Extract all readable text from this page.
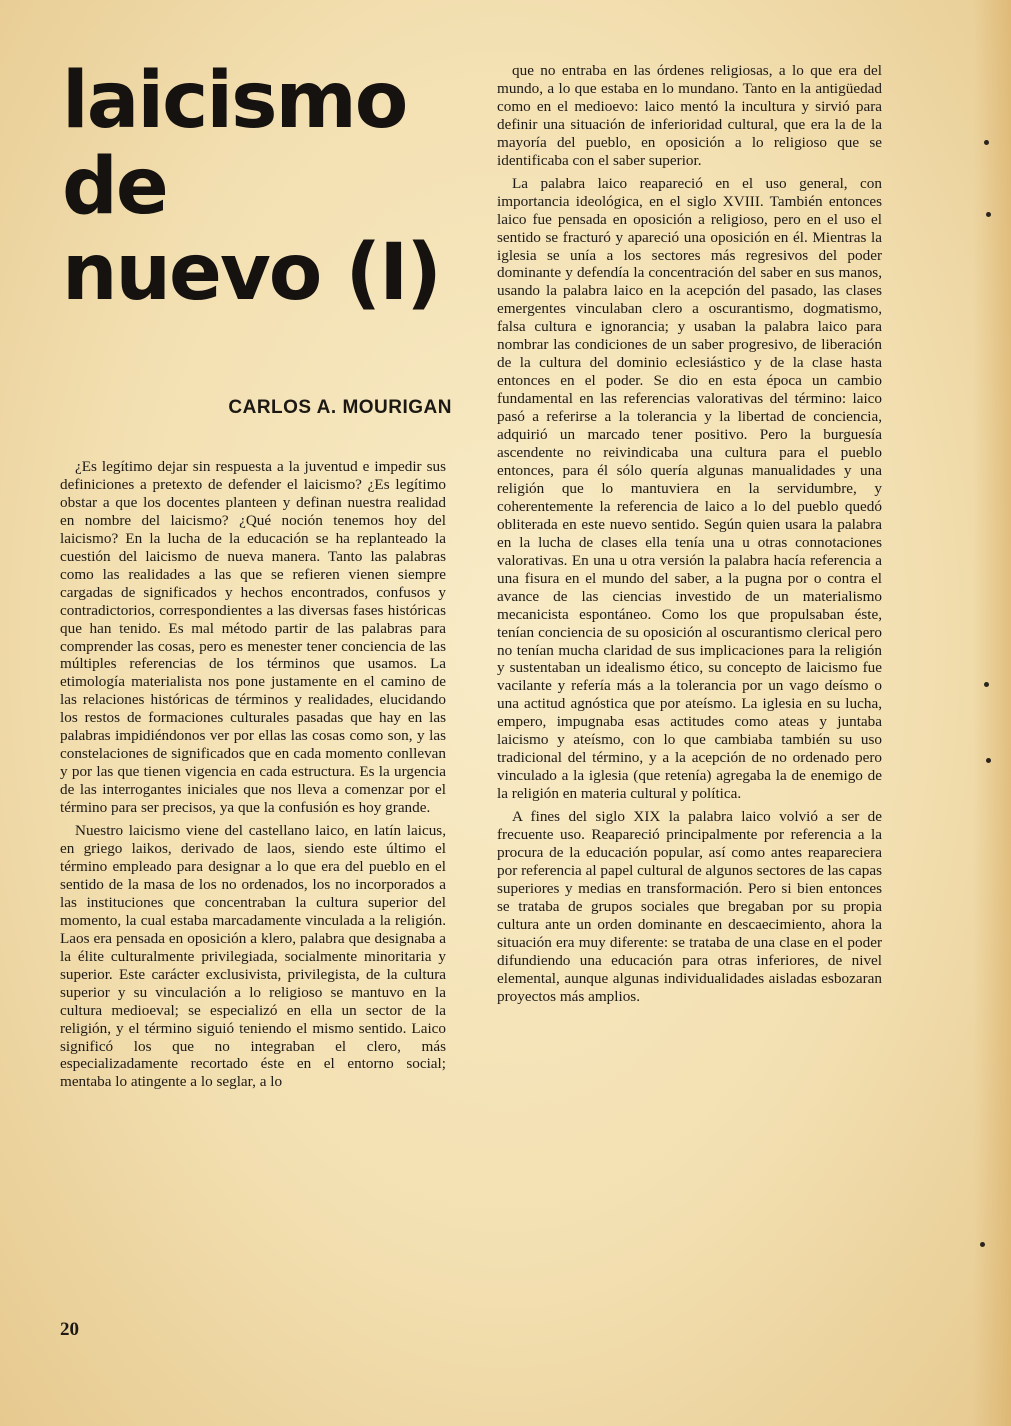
laicismo
de
nuevo (I)
CARLOS A. MOURIGAN

¿Es legítimo dejar sin respuesta a la juventud e impedir sus definiciones a pretexto de defender el laicismo? ¿Es legítimo obstar a que los docentes planteen y definan nuestra realidad en nombre del laicismo? ¿Qué noción tenemos hoy del laicismo? En la lucha de la educación se ha replanteado la cuestión del laicismo de nueva manera. Tanto las palabras como las realidades a las que se refieren vienen siempre cargadas de significados y hechos encontrados, confusos y contradictorios, correspondientes a las diversas fases históricas que han tenido. Es mal método partir de las palabras para comprender las cosas, pero es menester tener conciencia de las múltiples referencias de los términos que usamos. La etimología materialista nos pone justamente en el camino de las relaciones históricas de términos y realidades, elucidando los restos de formaciones culturales pasadas que hay en las palabras impidiéndonos ver por ellas las cosas como son, y las constelaciones de significados que en cada momento conllevan y por las que tienen vigencia en cada estructura. Es la urgencia de las interrogantes iniciales que nos lleva a comenzar por el término para ser precisos, ya que la confusión es hoy grande.

Nuestro laicismo viene del castellano laico, en latín laicus, en griego laikos, derivado de laos, siendo este último el término empleado para designar a lo que era del pueblo en el sentido de la masa de los no ordenados, los no incorporados a las instituciones que concentraban la cultura superior del momento, la cual estaba marcadamente vinculada a la religión. Laos era pensada en oposición a klero, palabra que designaba a la élite culturalmente privilegiada, socialmente minoritaria y superior. Este carácter exclusivista, privilegista, de la cultura superior y su vinculación a lo religioso se mantuvo en la cultura medioeval; se especializó en ella un sector de la religión, y el término siguió teniendo el mismo sentido. Laico significó los que no integraban el clero, más especializadamente recortado éste en el entorno social; mentaba lo atingente a lo seglar, a lo

que no entraba en las órdenes religiosas, a lo que era del mundo, a lo que estaba en lo mundano. Tanto en la antigüedad como en el medioevo: laico mentó la incultura y sirvió para definir una situación de inferioridad cultural, que era la de la mayoría del pueblo, en oposición a lo religioso que se identificaba con el saber superior.

La palabra laico reapareció en el uso general, con importancia ideológica, en el siglo XVIII. También entonces laico fue pensada en oposición a religioso, pero en el uso el sentido se fracturó y apareció una oposición en él. Mientras la iglesia se unía a los sectores más regresivos del poder dominante y defendía la concentración del saber en sus manos, usando la palabra laico en la acepción del pasado, las clases emergentes vinculaban clero a oscurantismo, dogmatismo, falsa cultura e ignorancia; y usaban la palabra laico para nombrar las condiciones de un saber progresivo, de liberación de la cultura del dominio eclesiástico y de la clase hasta entonces en el poder. Se dio en esta época un cambio fundamental en las referencias valorativas del término: laico pasó a referirse a la tolerancia y la libertad de conciencia, adquirió un marcado tener positivo. Pero la burguesía ascendente no reivindicaba una cultura para el pueblo entonces, para él sólo quería algunas manualidades y una religión que lo mantuviera en la servidumbre, y coherentemente la referencia de laico a lo del pueblo quedó obliterada en este nuevo sentido. Según quien usara la palabra en la lucha de clases ella tenía una u otras connotaciones valorativas. En una u otra versión la palabra hacía referencia a una fisura en el mundo del saber, a la pugna por o contra el avance de las ciencias investido de un materialismo mecanicista espontáneo. Como los que propulsaban éste, tenían conciencia de su oposición al oscurantismo clerical pero no tenían mucha claridad de sus implicaciones para la religión y sustentaban un idealismo ético, su concepto de laicismo fue vacilante y refería más a la tolerancia por un vago deísmo o una actitud agnóstica que por ateísmo. La iglesia en su lucha, empero, impugnaba esas actitudes como ateas y juntaba laicismo y ateísmo, con lo que cambiaba también su uso tradicional del término, y a la acepción de no ordenado pero vinculado a la iglesia (que retenía) agregaba la de enemigo de la religión en materia cultural y política.

A fines del siglo XIX la palabra laico volvió a ser de frecuente uso. Reapareció principalmente por referencia a la procura de la educación popular, así como antes reapareciera por referencia al papel cultural de algunos sectores de las capas superiores y medias en transformación. Pero si bien entonces se trataba de grupos sociales que bregaban por su propia cultura ante un orden dominante en descaecimiento, ahora la situación era muy diferente: se trataba de una clase en el poder difundiendo una educación para otras inferiores, de nivel elemental, aunque algunas individualidades aisladas esbozaran proyectos más amplios.

20
